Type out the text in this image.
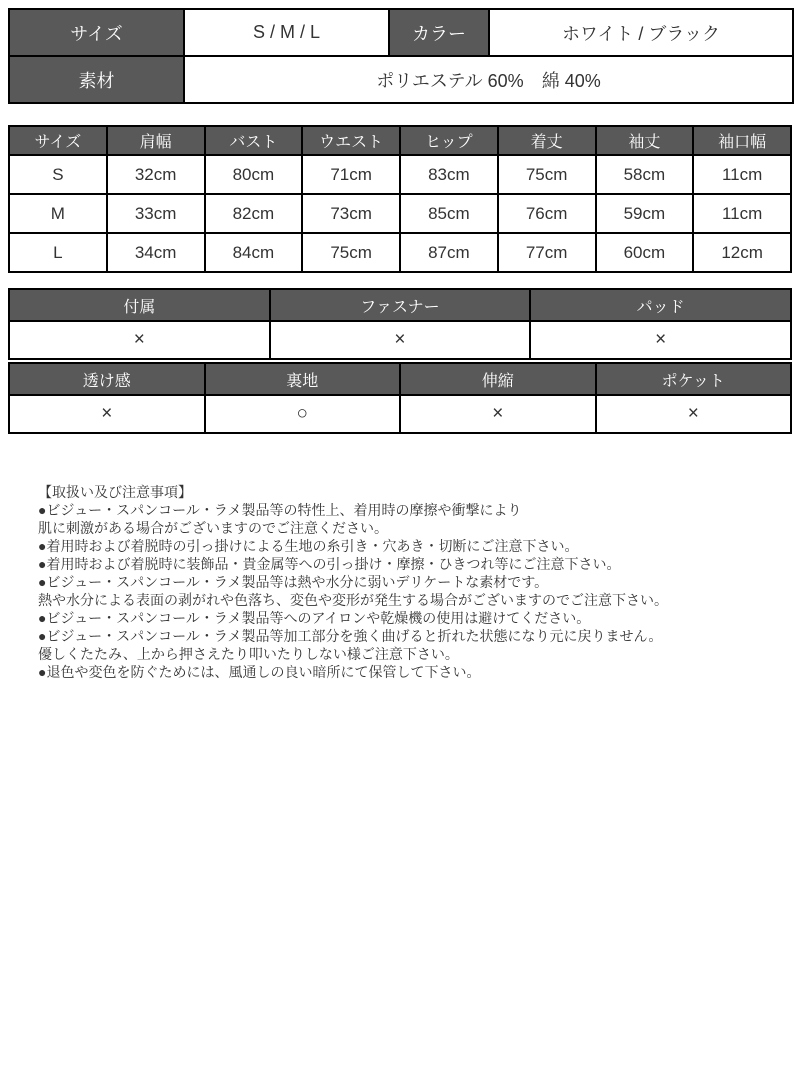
サイズ	S / M / L	カラー	ホワイト / ブラック
素材	ポリエステル 60%　綿 40%		
サイズ	肩幅	バスト	ウエスト	ヒップ	着丈	袖丈	袖口幅
S	32cm	80cm	71cm	83cm	75cm	58cm	11cm
M	33cm	82cm	73cm	85cm	76cm	59cm	11cm
L	34cm	84cm	75cm	87cm	77cm	60cm	12cm
付属	ファスナー	パッド
×	×	×
透け感	裏地	伸縮	ポケット
×	○	×	×
【取扱い及び注意事項】
●ビジュー・スパンコール・ラメ製品等の特性上、着用時の摩擦や衝撃により
肌に刺激がある場合がございますのでご注意ください。
●着用時および着脱時の引っ掛けによる生地の糸引き・穴あき・切断にご注意下さい。
●着用時および着脱時に装飾品・貴金属等への引っ掛け・摩擦・ひきつれ等にご注意下さい。
●ビジュー・スパンコール・ラメ製品等は熱や水分に弱いデリケートな素材です。
熱や水分による表面の剥がれや色落ち、変色や変形が発生する場合がございますのでご注意下さい。
●ビジュー・スパンコール・ラメ製品等へのアイロンや乾燥機の使用は避けてください。
●ビジュー・スパンコール・ラメ製品等加工部分を強く曲げると折れた状態になり元に戻りません。
優しくたたみ、上から押さえたり叩いたりしない様ご注意下さい。
●退色や変色を防ぐためには、風通しの良い暗所にて保管して下さい。
